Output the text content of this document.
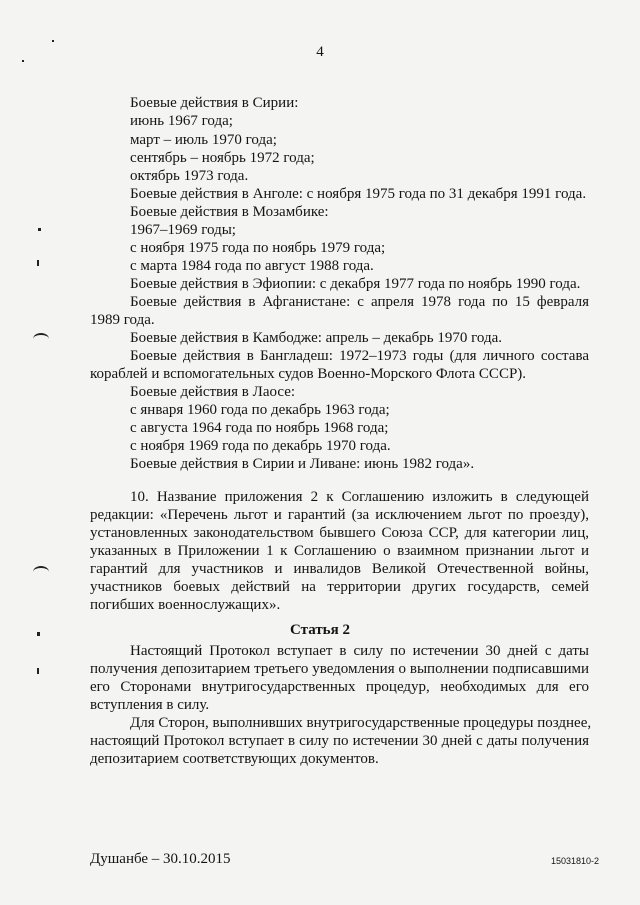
4
Боевые действия в Сирии:
июнь 1967 года;
март – июль 1970 года;
сентябрь – ноябрь 1972 года;
октябрь 1973 года.
Боевые действия в Анголе: с ноября 1975 года по 31 декабря 1991 года.
Боевые действия в Мозамбике:
1967–1969 годы;
с ноября 1975 года по ноябрь 1979 года;
с марта 1984 года по август 1988 года.
Боевые действия в Эфиопии: с декабря 1977 года по ноябрь 1990 года.
Боевые действия в Афганистане: с апреля 1978 года по 15 февраля
1989 года.
Боевые действия в Камбодже: апрель – декабрь 1970 года.
Боевые действия в Бангладеш: 1972–1973 годы (для личного состава
кораблей и вспомогательных судов Военно-Морского Флота СССР).
Боевые действия в Лаосе:
с января 1960 года по декабрь 1963 года;
с августа 1964 года по ноябрь 1968 года;
с ноября 1969 года по декабрь 1970 года.
Боевые действия в Сирии и Ливане: июнь 1982 года».
10. Название приложения 2 к Соглашению изложить в следующей
редакции: «Перечень льгот и гарантий (за исключением льгот по проезду),
установленных законодательством бывшего Союза ССР, для категории лиц,
указанных в Приложении 1 к Соглашению о взаимном признании льгот и
гарантий для участников и инвалидов Великой Отечественной войны,
участников боевых действий на территории других государств, семей
погибших военнослужащих».
Статья 2
Настоящий Протокол вступает в силу по истечении 30 дней с даты
получения депозитарием третьего уведомления о выполнении подписавшими
его Сторонами внутригосударственных процедур, необходимых для его
вступления в силу.
Для Сторон, выполнивших внутригосударственные процедуры позднее,
настоящий Протокол вступает в силу по истечении 30 дней с даты получения
депозитарием соответствующих документов.
Душанбе – 30.10.2015	15031810-2
